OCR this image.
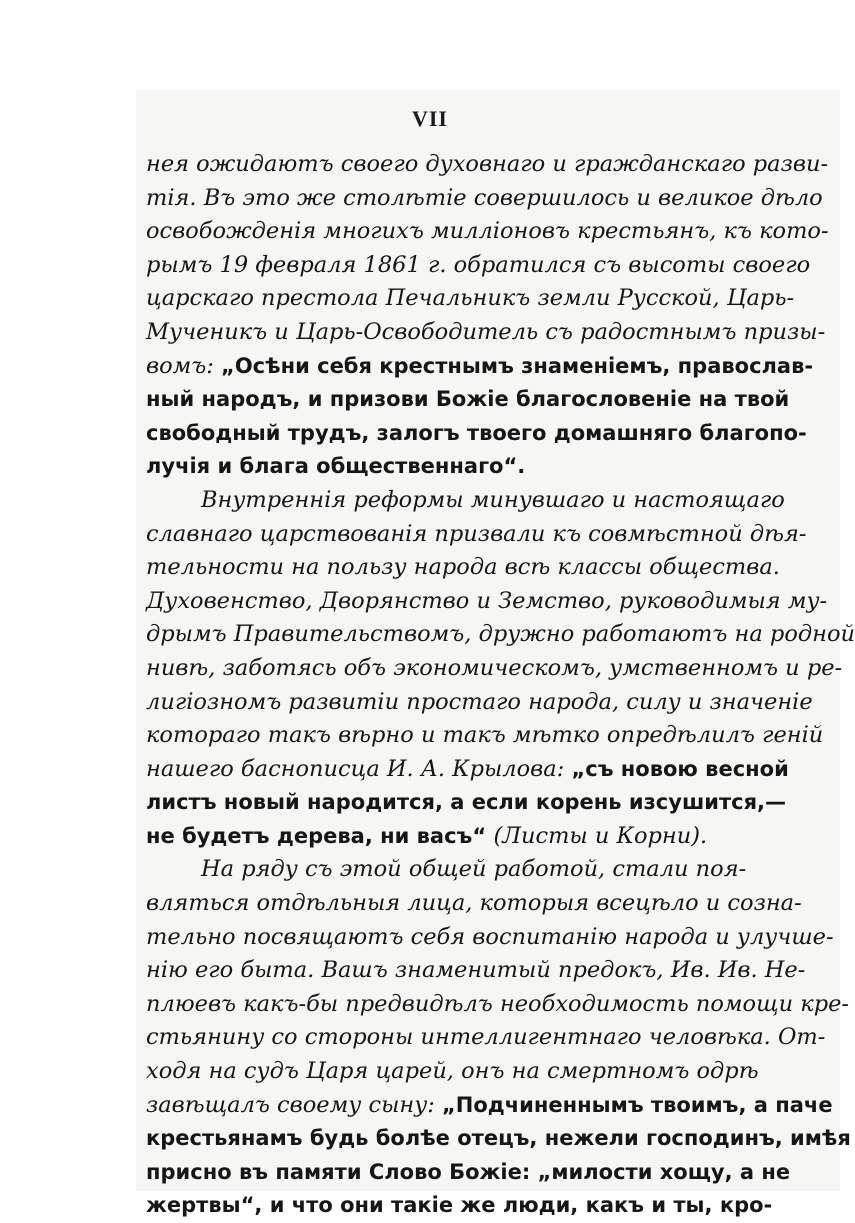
VII
нея ожидаютъ своего духовнаго и гражданскаго разви-
тія. Въ это же столѣтіе совершилось и великое дѣло
освобожденія многихъ милліоновъ крестьянъ, къ кото-
рымъ 19 февраля 1861 г. обратился съ высоты своего
царскаго престола Печальникъ земли Русской, Царь-
Мученикъ и Царь-Освободитель съ радостнымъ призы-
вомъ: „Осѣни себя крестнымъ знаменіемъ, православ-
ный народъ, и призови Божіе благословеніе на твой
свободный трудъ, залогъ твоего домашняго благопо-
лучія и блага общественнаго“.
Внутреннія реформы минувшаго и настоящаго
славнаго царствованія призвали къ совмѣстной дѣя-
тельности на пользу народа всѣ классы общества.
Духовенство, Дворянство и Земство, руководимыя му-
дрымъ Правительствомъ, дружно работаютъ на родной
нивѣ, заботясь объ экономическомъ, умственномъ и ре-
лигіозномъ развитіи простаго народа, силу и значеніе
котораго такъ вѣрно и такъ мѣтко опредѣлилъ геній
нашего баснописца И. А. Крылова: „съ новою весной
листъ новый народится, а если корень изсушится,—
не будетъ дерева, ни васъ“ (Листы и Корни).
На ряду съ этой общей работой, стали поя-
вляться отдѣльныя лица, которыя всецѣло и созна-
тельно посвящаютъ себя воспитанію народа и улучше-
нію его быта. Вашъ знаменитый предокъ, Ив. Ив. Не-
плюевъ какъ-бы предвидѣлъ необходимость помощи кре-
стьянину со стороны интеллигентнаго человѣка. От-
ходя на судъ Царя царей, онъ на смертномъ одрѣ
завѣщалъ своему сыну: „Подчиненнымъ твоимъ, а паче
крестьянамъ будь болѣе отецъ, нежели господинъ, имѣя
присно въ памяти Слово Божіе: „милости хощу, а не
жертвы“, и что они такіе же люди, какъ и ты, кро-
